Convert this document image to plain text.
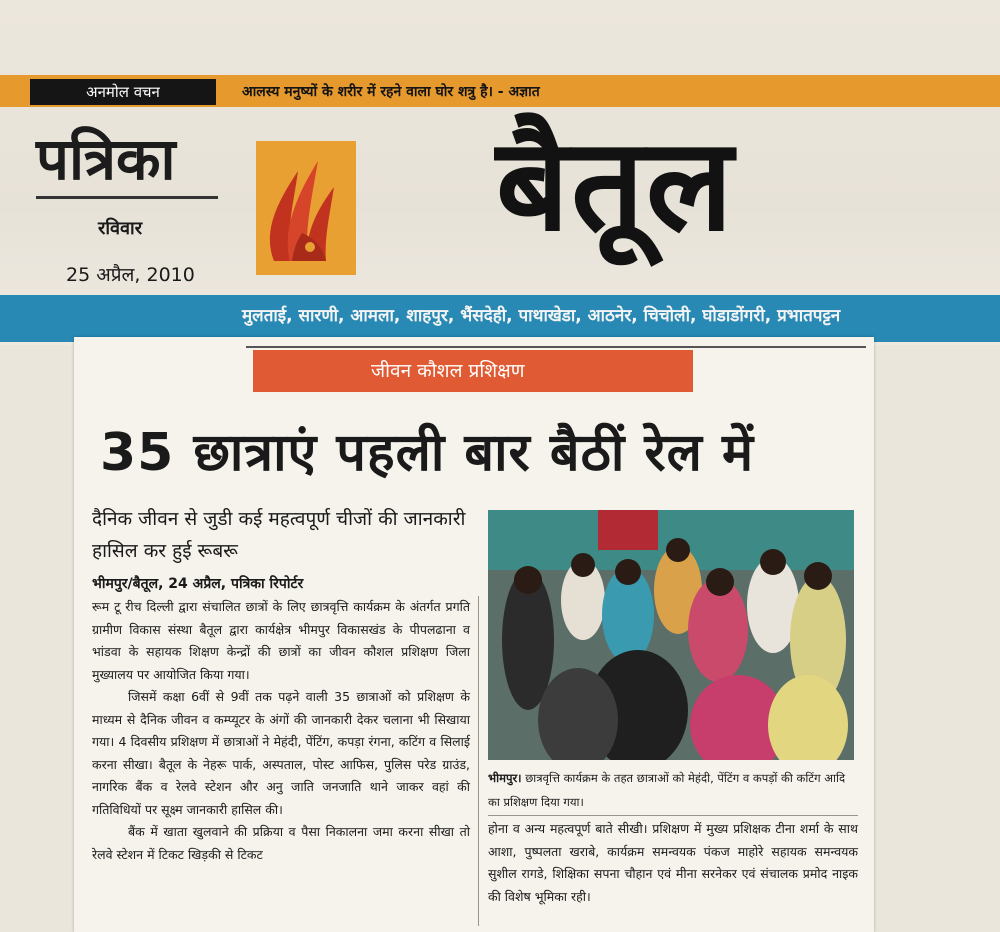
अनमोल वचन	आलस्य मनुष्यों के शरीर में रहने वाला घोर शत्रु है। - अज्ञात
पत्रिका
रविवार
25 अप्रैल, 2010
बैतूल
मुलताई, सारणी, आमला, शाहपुर, भैंसदेही, पाथाखेडा, आठनेर, चिचोली, घोडाडोंगरी, प्रभातपट्टन
जीवन कौशल प्रशिक्षण
35 छात्राएं पहली बार बैठीं रेल में
दैनिक जीवन से जुडी कई महत्वपूर्ण चीजों की जानकारी हासिल कर हुई रूबरू
भीमपुर/बैतूल, 24 अप्रैल, पत्रिका रिपोर्टर

रूम टू रीच दिल्ली द्वारा संचालित छात्रों के लिए छात्रवृत्ति कार्यक्रम के अंतर्गत प्रगति ग्रामीण विकास संस्था बैतूल द्वारा कार्यक्षेत्र भीमपुर विकासखंड के पीपलढाना व भांडवा के सहायक शिक्षण केन्द्रों की छात्रों का जीवन कौशल प्रशिक्षण जिला मुख्यालय पर आयोजित किया गया।

जिसमें कक्षा 6वीं से 9वीं तक पढ़ने वाली 35 छात्राओं को प्रशिक्षण के माध्यम से दैनिक जीवन व कम्प्यूटर के अंगों की जानकारी देकर चलाना भी सिखाया गया। 4 दिवसीय प्रशिक्षण में छात्राओं ने मेहंदी, पेंटिंग, कपड़ा रंगना, कटिंग व सिलाई करना सीखा। बैतूल के नेहरू पार्क, अस्पताल, पोस्ट आफिस, पुलिस परेड ग्राउंड, नागरिक बैंक व रेलवे स्टेशन और अनु जाति जनजाति थाने जाकर वहां की गतिविधियों पर सूक्ष्म जानकारी हासिल की।

बैंक में खाता खुलवाने की प्रक्रिया व पैसा निकालना जमा करना सीखा तो रेलवे स्टेशन में टिकट खिड़की से टिकट

भीमपुर। छात्रवृत्ति कार्यक्रम के तहत छात्राओं को मेहंदी, पेंटिंग व कपड़ों की कटिंग आदि का प्रशिक्षण दिया गया।

होना व अन्य महत्वपूर्ण बाते सीखी। प्रशिक्षण में मुख्य प्रशिक्षक टीना शर्मा के साथ आशा, पुष्पलता खराबे, कार्यक्रम समन्वयक पंकज माहोरे सहायक समन्वयक सुशील रागडे, शिक्षिका सपना चौहान एवं मीना सरनेकर एवं संचालक प्रमोद नाइक की विशेष भूमिका रही।
